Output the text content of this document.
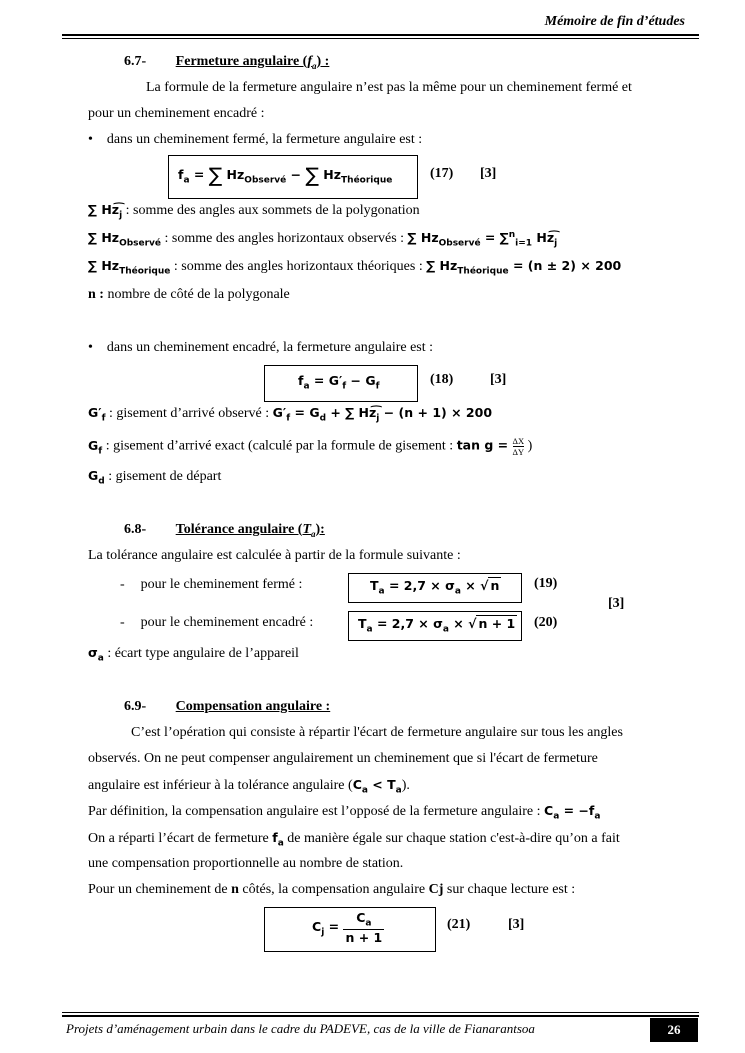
Mémoire de fin d’études
6.7- Fermeture angulaire $(f_a)$ :
La formule de la fermeture angulaire n’est pas la même pour un cheminement fermé et
pour un cheminement encadré :
• dans un cheminement fermé, la fermeture angulaire est :
$f_a$ = ∑ $Hz_{Observé}$ − ∑ $Hz_{Théorique}$	(17) [3]
∑ $Hz͡_j$ : somme des angles aux sommets de la polygonation
∑ $Hz_{Observé}$ : somme des angles horizontaux observés : ∑ $Hz_{Observé} = \sum^n_{i=1}$ $Hz͡_j$
∑ $Hz_{Théorique}$ : somme des angles horizontaux théoriques : ∑ $Hz_{Théorique} = (n \pm 2) \times 200$
n : nombre de côté de la polygonale
• dans un cheminement encadré, la fermeture angulaire est :
$f_a = G'_f - G_f$	(18)	[3]
$G'_f$ : gisement d’arrivé observé : $G'_f = G_d$ + ∑ $Hz͡_j - (n + 1) \times 200$
$G_f$ : gisement d’arrivé exact (calculé par la formule de gisement : $\tan g = \frac{\Delta X}{\Delta Y}$ )
$G_d$ : gisement de départ
6.8- Tolérance angulaire $(T_a)$:
La tolérance angulaire est calculée à partir de la formule suivante :
- pour le cheminement fermé :	$T_a = 2,7 \times \sigma_a$ × √ n (19)
- pour le cheminement encadré :	$T_a = 2,7 \times \sigma_a$ × √ n + 1 (20)
[3]
$\sigma_a$ : écart type angulaire de l’appareil
6.9- Compensation angulaire :
C’est l’opération qui consiste à répartir l'écart de fermeture angulaire sur tous les angles
observés. On ne peut compenser angulairement un cheminement que si l'écart de fermeture
angulaire est inférieur à la tolérance angulaire $(C_a < T_a)$.
Par définition, la compensation angulaire est l’opposé de la fermeture angulaire : $C_a = -f_a$
On a réparti l’écart de fermeture $f_a$ de manière égale sur chaque station c'est-à-dire qu’on a fait
une compensation proportionnelle au nombre de station.
Pour un cheminement de n côtés, la compensation angulaire Cj sur chaque lecture est :
$C_j = \frac{C_a}{n + 1}$	(21)	[3]
Projets d’aménagement urbain dans le cadre du PADEVE, cas de la ville de Fianarantsoa	26
